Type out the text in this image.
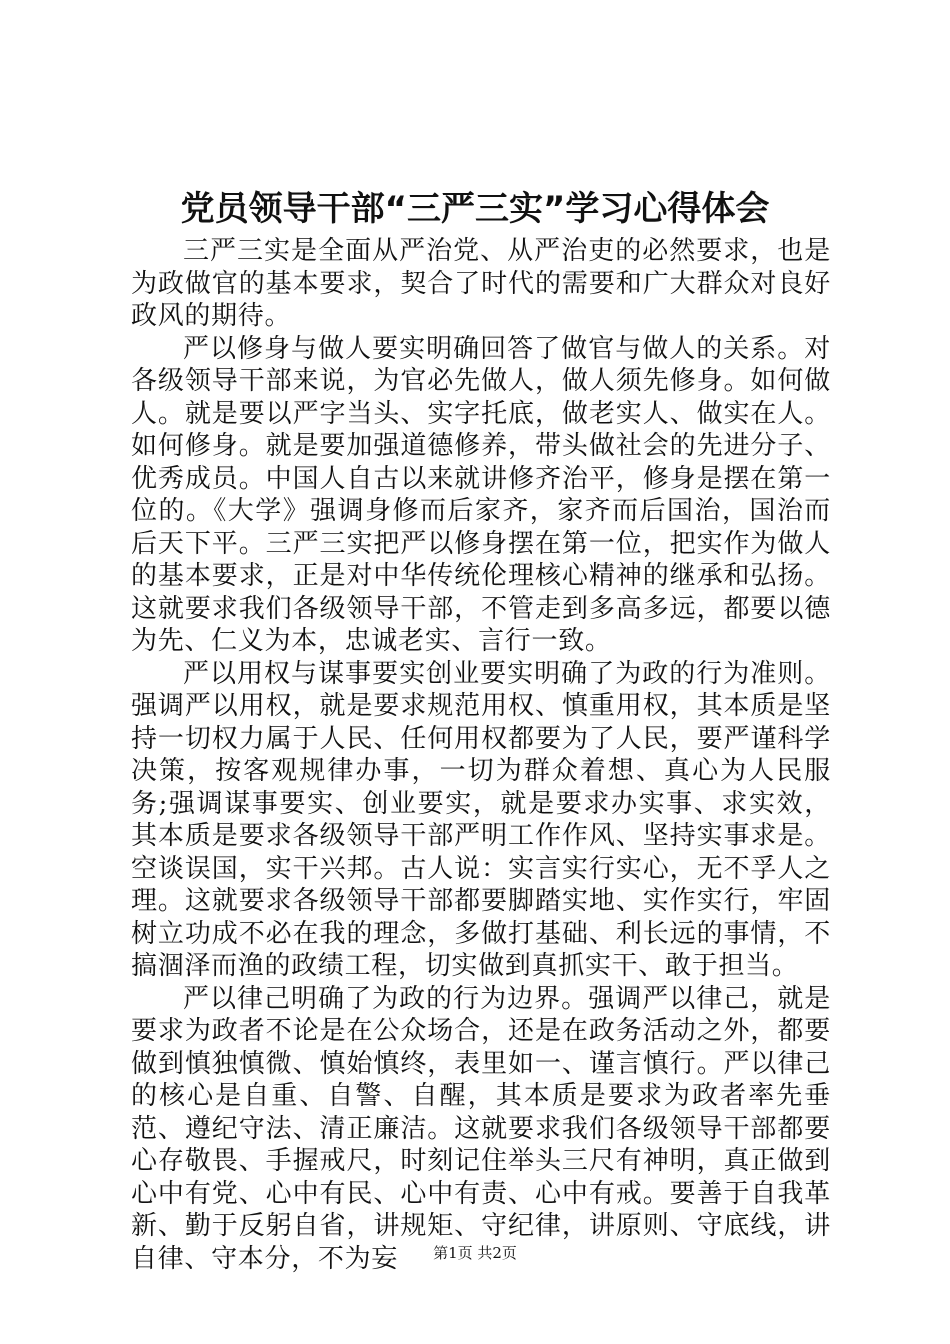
党员领导干部“三严三实”学习心得体会

三严三实是全面从严治党、从严治吏的必然要求，也是为政做官的基本要求，契合了时代的需要和广大群众对良好政风的期待。

严以修身与做人要实明确回答了做官与做人的关系。对各级领导干部来说，为官必先做人，做人须先修身。如何做人。就是要以严字当头、实字托底，做老实人、做实在人。如何修身。就是要加强道德修养，带头做社会的先进分子、优秀成员。中国人自古以来就讲修齐治平，修身是摆在第一位的。《大学》强调身修而后家齐，家齐而后国治，国治而后天下平。三严三实把严以修身摆在第一位，把实作为做人的基本要求，正是对中华传统伦理核心精神的继承和弘扬。这就要求我们各级领导干部，不管走到多高多远，都要以德为先、仁义为本，忠诚老实、言行一致。

严以用权与谋事要实创业要实明确了为政的行为准则。强调严以用权，就是要求规范用权、慎重用权，其本质是坚持一切权力属于人民、任何用权都要为了人民，要严谨科学决策，按客观规律办事，一切为群众着想、真心为人民服务;强调谋事要实、创业要实，就是要求办实事、求实效，其本质是要求各级领导干部严明工作作风、坚持实事求是。空谈误国，实干兴邦。古人说：实言实行实心，无不孚人之理。这就要求各级领导干部都要脚踏实地、实作实行，牢固树立功成不必在我的理念，多做打基础、利长远的事情，不搞涸泽而渔的政绩工程，切实做到真抓实干、敢于担当。

严以律己明确了为政的行为边界。强调严以律己，就是要求为政者不论是在公众场合，还是在政务活动之外，都要做到慎独慎微、慎始慎终，表里如一、谨言慎行。严以律己的核心是自重、自警、自醒，其本质是要求为政者率先垂范、遵纪守法、清正廉洁。这就要求我们各级领导干部都要心存敬畏、手握戒尺，时刻记住举头三尺有神明，真正做到心中有党、心中有民、心中有责、心中有戒。要善于自我革新、勤于反躬自省，讲规矩、守纪律，讲原则、守底线，讲自律、守本分，不为妄	第1页 共2页
